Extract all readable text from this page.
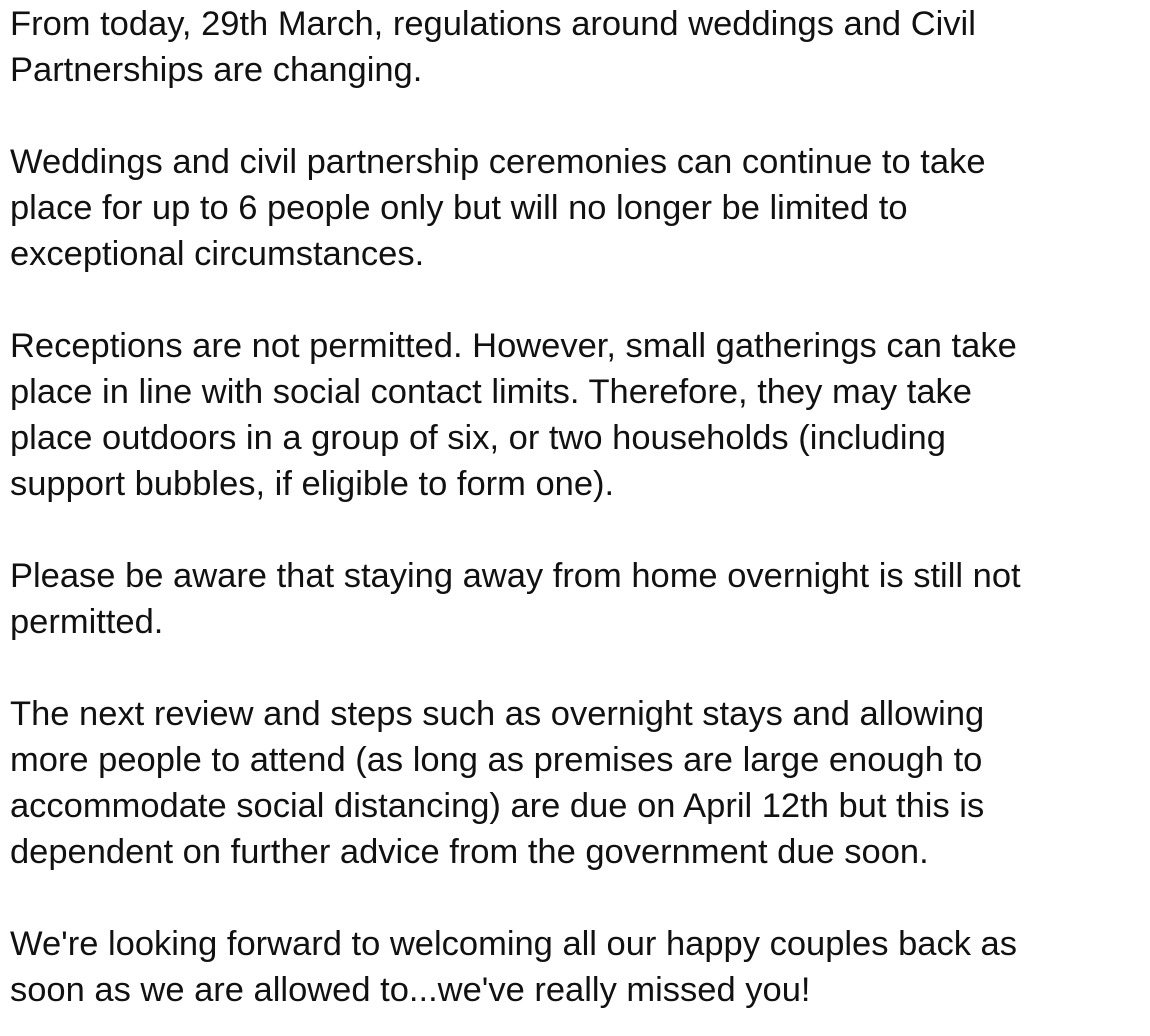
From today, 29th March, regulations around weddings and Civil
Partnerships are changing.
Weddings and civil partnership ceremonies can continue to take
place for up to 6 people only but will no longer be limited to
exceptional circumstances.
Receptions are not permitted. However, small gatherings can take
place in line with social contact limits. Therefore, they may take
place outdoors in a group of six, or two households (including
support bubbles, if eligible to form one).
Please be aware that staying away from home overnight is still not
permitted.
The next review and steps such as overnight stays and allowing
more people to attend (as long as premises are large enough to
accommodate social distancing) are due on April 12th but this is
dependent on further advice from the government due soon.
We're looking forward to welcoming all our happy couples back as
soon as we are allowed to...we've really missed you!
